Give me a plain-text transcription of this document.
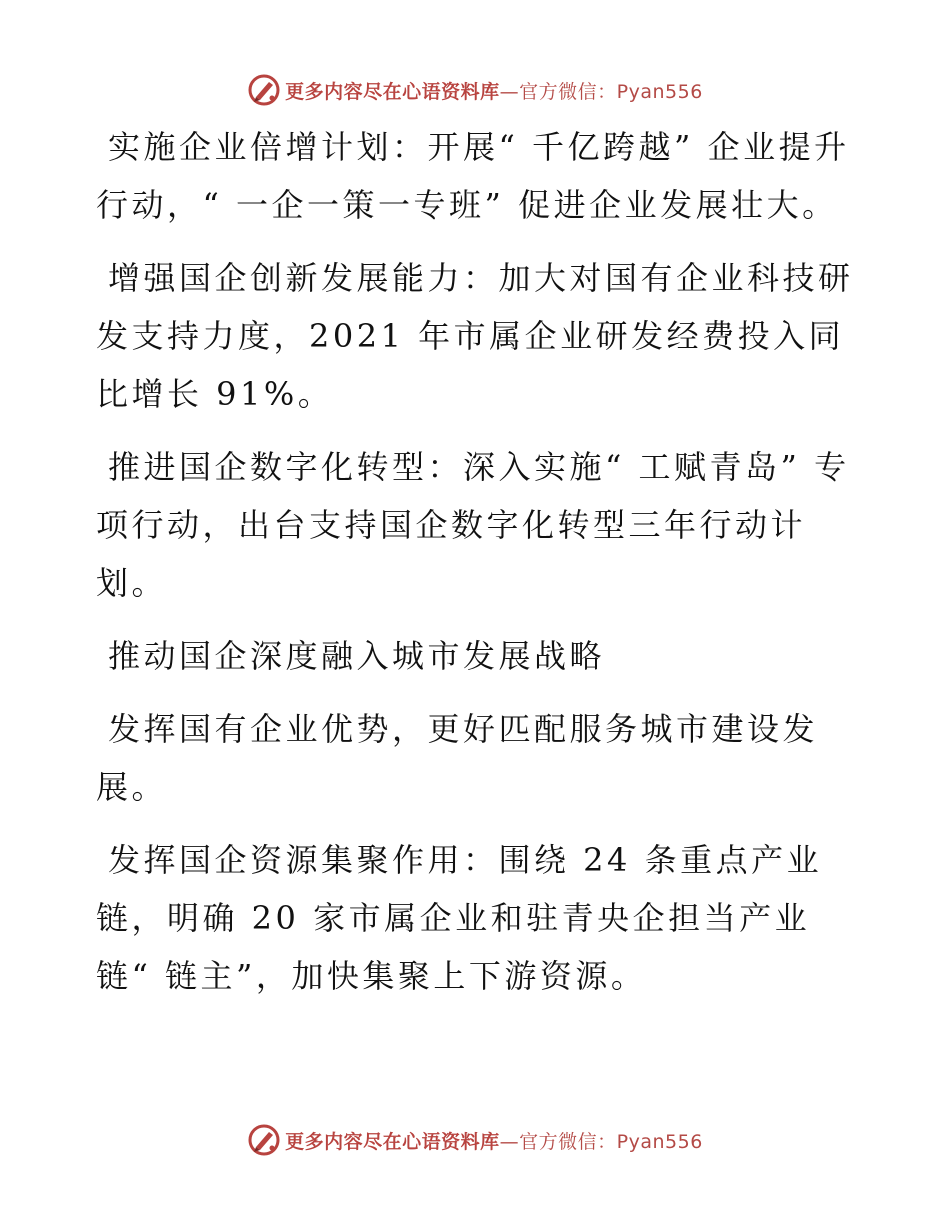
更多内容尽在心语资料库—官方微信：Pyan556

实施企业倍增计划：开展“ 千亿跨越” 企业提升行动，“ 一企一策一专班” 促进企业发展壮大。

增强国企创新发展能力：加大对国有企业科技研发支持力度，2021 年市属企业研发经费投入同比增长 91%。

推进国企数字化转型：深入实施“ 工赋青岛” 专项行动，出台支持国企数字化转型三年行动计划。

推动国企深度融入城市发展战略

发挥国有企业优势，更好匹配服务城市建设发展。

发挥国企资源集聚作用：围绕 24 条重点产业链，明确 20 家市属企业和驻青央企担当产业链“ 链主”，加快集聚上下游资源。

更多内容尽在心语资料库—官方微信：Pyan556
